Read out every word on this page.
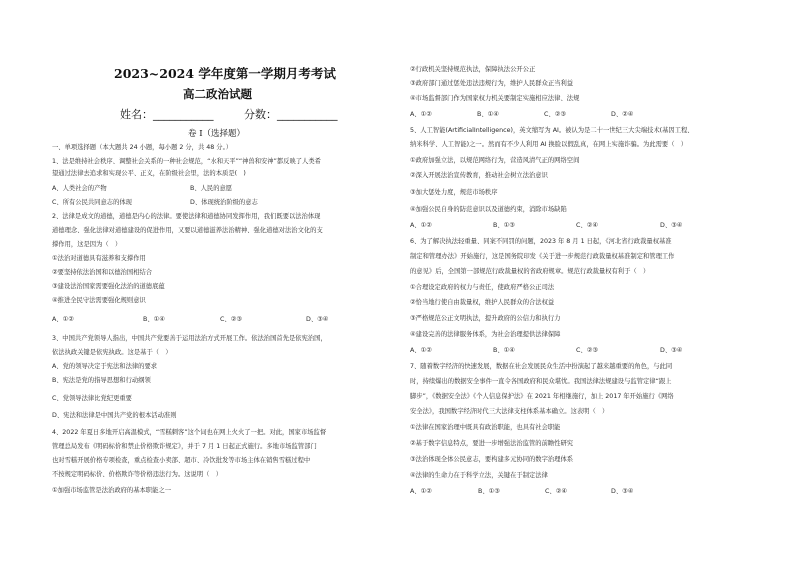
2023~2024 学年度第一学期月考考试
高二政治试题
姓名：___________	分数：___________
卷 I（选择题）
一、单项选择题（本大题共 24 小题，每小题 2 分，共 48 分。）
1、法是维持社会秩序、调整社会关系的一种社会规范，“水和天平”“神兽和安神”都反映了人类希
望通过法律去追求和实现公平、正义，在阶级社会里，法的本质是(　)
A、人类社会的产物	B、人民的意愿
C、所有公民共同意志的体现	D、体现统治阶级的意志
2、法律是成文的道德，道德是内心的法律。要使法律和道德协同发挥作用，我们既要以法治体现
道德理念、强化法律对道德建设的促进作用，又要以道德滋养法治精神、强化道德对法治文化的支
撑作用，这是因为（　）
①法治对道德具有滋养和支撑作用
②要坚持依法治国和以德治国相结合
③建设法治国家需要强化法治的道德底蕴
④推进全民守法需要强化规则意识
A、①②	B、①④	C、②③	D、③④
3、中国共产党领导人指出，中国共产党要善于运用法治方式开展工作。依法治国首先是依宪治国，
依法执政关键是依宪执政。这是基于（　）
A、党的领导决定于宪法和法律的要求
B、宪法是党的指导思想和行动纲领
C、党领导法律比党纪更重要
D、宪法和法律是中国共产党的根本活动准则
4、2022 年夏日多地开启高温模式，“雪糕刺客”这个词也在网上火火了一把。对此，国家市场监督
管理总局发布《明码标价和禁止价格欺诈规定》，并于 7 月 1 日起正式施行。多地市场监管部门
也对雪糕开展价格专项检查，重点检查小卖部、超市、冷饮批发等市场主体在销售雪糕过程中
不按规定明码标价、价格欺诈等价格违法行为。这说明（　）
①加强市场监管是法治政府的基本职能之一
②行政机关坚持规范执法，保障执法公开公正
③政府部门通过惩处违法违规行为，维护人民群众正当利益
④市场监督部门作为国家权力机关要制定实施相应法律、法规
A、①②	B、①④	C、②③	D、②④
5、人工智能(ArtificialIntelligence)，英文缩写为 AI。被认为是二十一世纪三大尖端技术(基因工程、
纳米科学、人工智能)之一。然而有不少人利用 AI 换脸以假乱真，在网上实施诈骗。为此需要（　）
①政府加强立法，以规范网络行为，营造风清气正的网络空间
②深入开展法治宣传教育，推动社会树立法治意识
③加大惩处力度，规范市场秩序
④加强公民自身的防范意识以及道德约束，消除市场缺陷
A、①②	B、①③	C、②④	D、③④
6、为了解决执法轻重量、同案不同罚的问题，2023 年 8 月 1 日起，《河北省行政裁量权基准
制定和管理办法》开始施行，这是国务院印发《关于进一步规范行政裁量权基准制定和管理工作
的意见》后，全国第一部规范行政裁量权的省政府规章。规范行政裁量权有利于（　）
①合理设定政府的权力与责任，使政府严格公正司法
②恰当地行使自由裁量权，维护人民群众的合法权益
③严格规范公正文明执法，提升政府的公信力和执行力
④建设完善的法律服务体系，为社会治理提供法律保障
A、①②	B、①④	C、②③	D、③④
7、随着数字经济的快速发展，数据在社会发展民众生活中扮演起了越来越重要的角色，与此同
时，持续爆出的数据安全事件一直令各国政府和民众堪忧。我国法律法规建设与监管定律“跟上
脚步”，《数据安全法》《个人信息保护法》在 2021 年相继施行，加上 2017 年开始施行《网络
安全法》，我国数字经济时代三大法律支柱体系基本确立。这表明（　）
①法律在国家治理中既具有政治职能，也具有社会职能
②基于数字信息特点，要进一步增强法治监管的前瞻性研究
③法治体现全体公民意志，要构建多元协同的数字治理体系
④法律的生命力在于科学立法，关键在于制定法律
A、①②	B、①③	C、②④	D、③④
